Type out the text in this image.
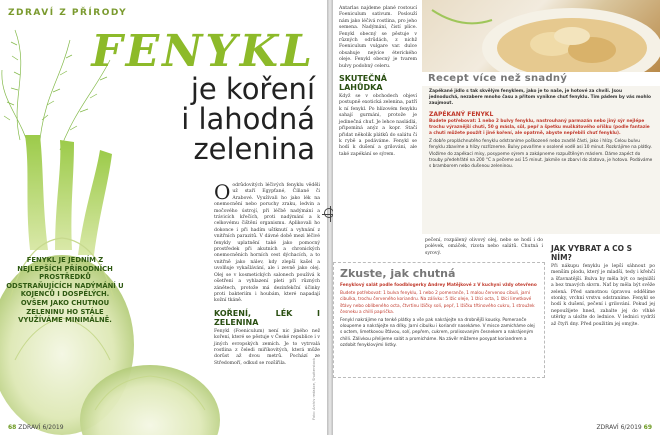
ZDRAVÍ Z PŘÍRODY
FENYKL
je koření
i lahodná
zelenina
FENYKL JE JEDNÍM Z NEJLEPŠÍCH PŘÍRODNÍCH PROSTŘEDKŮ ODSTRAŇUJÍCÍCH NADÝMÁNÍ U KOJENCŮ I DOSPĚLÝCH. OVŠEM JAKO CHUTNOU ZELENINU HO STÁLE VYUŽÍVÁME MINIMÁLNĚ.
O odrůdovitých léčivých fenyklu věděli už staří Egypťané, Číňané či Arabové. Využívali ho jako lék na onemocnění nebo poruchy zraku, ledvin a močového ústrojí, při léčbě nadýmání a trávicích křečích, proti nadýmání a k celkovému čištění organismu. Aplikovali ho dokonce i při hadím uštknutí a vyhnání z vnitřních parazitů. V dávné době mezi léčivé fenykly uplatnění také jako pomocný prostředek při akutních a chronických onemocněních horních cest dýchacích, a to vnitřně jako nálev, kdy zlepší kašel a uvolňuje vykašlávání, ale i zevně jako olej. Olej se v kosmetických salonech používá k ošetření a vyhlazení pleti při různých zánětech, protože má dezinfekční účinky proti bakteriím i houbám, které napadají kožní tkáně.
KOŘENÍ, LÉK I ZELENINA
Fenykl (Foeniculum) není nic jiného než koření, které se pěstuje v České republice i v jiných evropských zemích. Je to vytrvalá rostlina z čeledi miříkovitých, která může dorůst až dvou metrů. Pochází ze Středomoří, odkud se rozšířila.	Foto: Archiv redakce, Shutterstock
68 ZDRAVÍ 6/2019
Antarlas najdeme plané rostoucí Foeniculum sativum. Poslouží nám jako léčivá rostlina, pro jeho semena. Nadýmání, čistí plíce. Fenykl obecný se pěstuje v různých odrůdách, z nichž Foeniculum vulgare var. dulce obsahuje nejvíce éterického oleje. Fenykl obecný je tvarem bulvy podobný celeru.
SKUTEČNÁ LAHŮDKA
Když se v obchodech objeví postupně exotická zelenina, patří k ní fenykl. Po hlízovém fenyklu sahají gurmáni, protože je jedinečná chuť. Je lehce nasládlá, připomíná anýz a kopr. Stačí přidat několik plátků do salátu či k rybě a podáváme. Fenykl se hodí k dušení a grilování, ale také zapékání se sýrem.
Recept více než snadný
Zapékané jídlo s tak skvělým fenyklem, jako je to naše, je hotové za chvíli. Jsou jednoduchá, nezabere mnoho času a přitom vynikne chuť fenyklu. Tím pádem by vás mohlo zaujmout.
ZAPÉKANÝ FENYKL
Budete potřebovat: 1 nebo 2 bulvy fenyklu, nastrouhaný parmazán nebo jiný sýr nejlépe trochu výraznější chuti, 50 g másla, sůl, pepř a špetku muškátového oříšku (podle fantazie a chuti můžete použít i jiné koření, ale opatrně, abyste nepřebili chuť fenyklu).
Z dobře propláchnutého fenyklu odstraníme poškozené nebo zvadlé části, jako i hlízy. Celou bulvu fenyklu zbavíme a hlízy rozřízneme. Bulvy povaříme v osolené vodě asi 10 minut. Rozkrájíme na plátky. Vložíme do zapékací mísy, posypeme sýrem a zakápneme rozpuštěným máslem. Dáme zapéct do trouby předehřáté na 200 °C a pečeme asi 15 minut. Jakmile se zbarví do zlatova, je hotovo. Podáváme s bramborem nebo dušenou zeleninou.
pečení, rozpálený olivový olej, nebo se hodí i do polévek, omáček, rizota nebo salátů. Chutná i syrový.
Zkuste, jak chutná
Fenyklový salát podle foodblogerky Andrey Matějkové z V kuchyni vždy otevřeno
Budete potřebovat: 1 bulva fenyklu, 1 nebo 2 pomeranče, 1 malou červenou cibuli, jarní cibulka, trochu červeného koriandru. Na zálivku: 5 lžic oleje, 1 lžíci octa, 1 lžíci limetkové šťávy nebo oblíbeného octa, čtvrtinu lžičky soli, pepř, 1 lžičku třtinového cukru, 1 stroužek česneku a chilli paprička.
Fenykl nakrájíme na tenké plátky a vše pak nakrájejte na drobnější kousky. Pomeranče oloupeme a nakrájejte na dílky. Jarní cibulku i koriandr nasekáme. V misce zamícháme olej s octem, limetkovou šťávou, solí, pepřem, cukrem, prolisovaným česnekem a nakrájeným chilli. Zálivkou přelijeme salát a promícháme. Na závěr můžeme posypat koriandrem a ozdobit fenyklovými lístky.
JAK VYBRAT A CO S NÍM?
Při nákupu fenyklu je lepší sáhnout po menším plodu, který je mladší, tedy i křehčí a šťavnatější. Bulva by měla být co nejnižší a bez tmavých skvrn. Nať by měla být svěže zelená. Před samotnou úpravou oddělíme stonky, vrchní vrstvu odstraníme. Fenykl se hodí k dušení, pečení i grilování. Pokud jej nepoužijete hned, zabalte jej do vlhké utěrky a uložte do lednice. V lednici vydrží až čtyři dny. Před použitím jej omyjte.
ZDRAVÍ 6/2019 69
